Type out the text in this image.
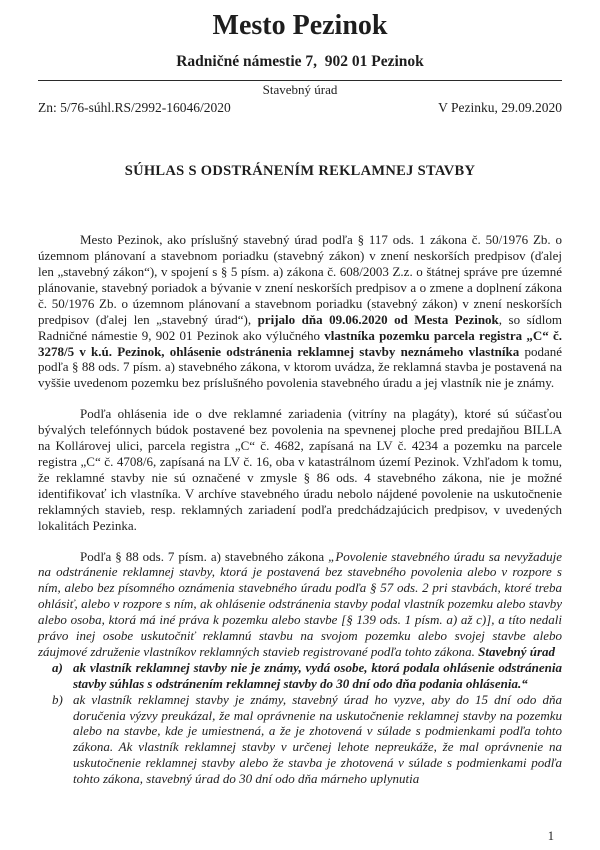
Mesto Pezinok
Radničné námestie 7,  902 01 Pezinok
Stavebný úrad
Zn: 5/76-súhl.RS/2992-16046/2020	V Pezinku, 29.09.2020
SÚHLAS S ODSTRÁNENÍM REKLAMNEJ STAVBY

Mesto Pezinok, ako príslušný stavebný úrad podľa § 117 ods. 1 zákona č. 50/1976 Zb. o územnom plánovaní a stavebnom poriadku (stavebný zákon) v znení neskorších predpisov (ďalej len „stavebný zákon“), v spojení s § 5 písm. a) zákona č. 608/2003 Z.z. o štátnej správe pre územné plánovanie, stavebný poriadok a bývanie v znení neskorších predpisov a o zmene a doplnení zákona č. 50/1976 Zb. o územnom plánovaní a stavebnom poriadku (stavebný zákon) v znení neskorších predpisov (ďalej len „stavebný úrad“), prijalo dňa 09.06.2020 od Mesta Pezinok, so sídlom Radničné námestie 9, 902 01 Pezinok ako výlučného vlastníka pozemku parcela registra „C“ č. 3278/5 v k.ú. Pezinok, ohlásenie odstránenia reklamnej stavby neznámeho vlastníka podané podľa § 88 ods. 7 písm. a) stavebného zákona, v ktorom uvádza, že reklamná stavba je postavená na vyššie uvedenom pozemku bez príslušného povolenia stavebného úradu a jej vlastník nie je známy.

Podľa ohlásenia ide o dve reklamné zariadenia (vitríny na plagáty), ktoré sú súčasťou bývalých telefónnych búdok postavené bez povolenia na spevnenej ploche pred predajňou BILLA na Kollárovej ulici, parcela registra „C“ č. 4682, zapísaná na LV č. 4234 a pozemku na parcele registra „C“ č. 4708/6, zapísaná na LV č. 16, oba v katastrálnom území Pezinok. Vzhľadom k tomu, že reklamné stavby nie sú označené v zmysle § 86 ods. 4 stavebného zákona, nie je možné identifikovať ich vlastníka. V archíve stavebného úradu nebolo nájdené povolenie na uskutočnenie reklamných stavieb, resp. reklamných zariadení podľa predchádzajúcich predpisov, v uvedených lokalitách Pezinka.

Podľa § 88 ods. 7 písm. a) stavebného zákona „Povolenie stavebného úradu sa nevyžaduje na odstránenie reklamnej stavby, ktorá je postavená bez stavebného povolenia alebo v rozpore s ním, alebo bez písomného oznámenia stavebného úradu podľa § 57 ods. 2 pri stavbách, ktoré treba ohlásiť, alebo v rozpore s ním, ak ohlásenie odstránenia stavby podal vlastník pozemku alebo stavby alebo osoba, ktorá má iné práva k pozemku alebo stavbe [§ 139 ods. 1 písm. a) až c)], a títo nedali právo inej osobe uskutočniť reklamnú stavbu na svojom pozemku alebo svojej stavbe alebo záujmové združenie vlastníkov reklamných stavieb registrované podľa tohto zákona. Stavebný úrad

a) ak vlastník reklamnej stavby nie je známy, vydá osobe, ktorá podala ohlásenie odstránenia stavby súhlas s odstránením reklamnej stavby do 30 dní odo dňa podania ohlásenia.“
b) ak vlastník reklamnej stavby je známy, stavebný úrad ho vyzve, aby do 15 dní odo dňa doručenia výzvy preukázal, že mal oprávnenie na uskutočnenie reklamnej stavby na pozemku alebo na stavbe, kde je umiestnená, a že je zhotovená v súlade s podmienkami podľa tohto zákona. Ak vlastník reklamnej stavby v určenej lehote nepreukáže, že mal oprávnenie na uskutočnenie reklamnej stavby alebo že stavba je zhotovená v súlade s podmienkami podľa tohto zákona, stavebný úrad do 30 dní odo dňa márneho uplynutia
1
